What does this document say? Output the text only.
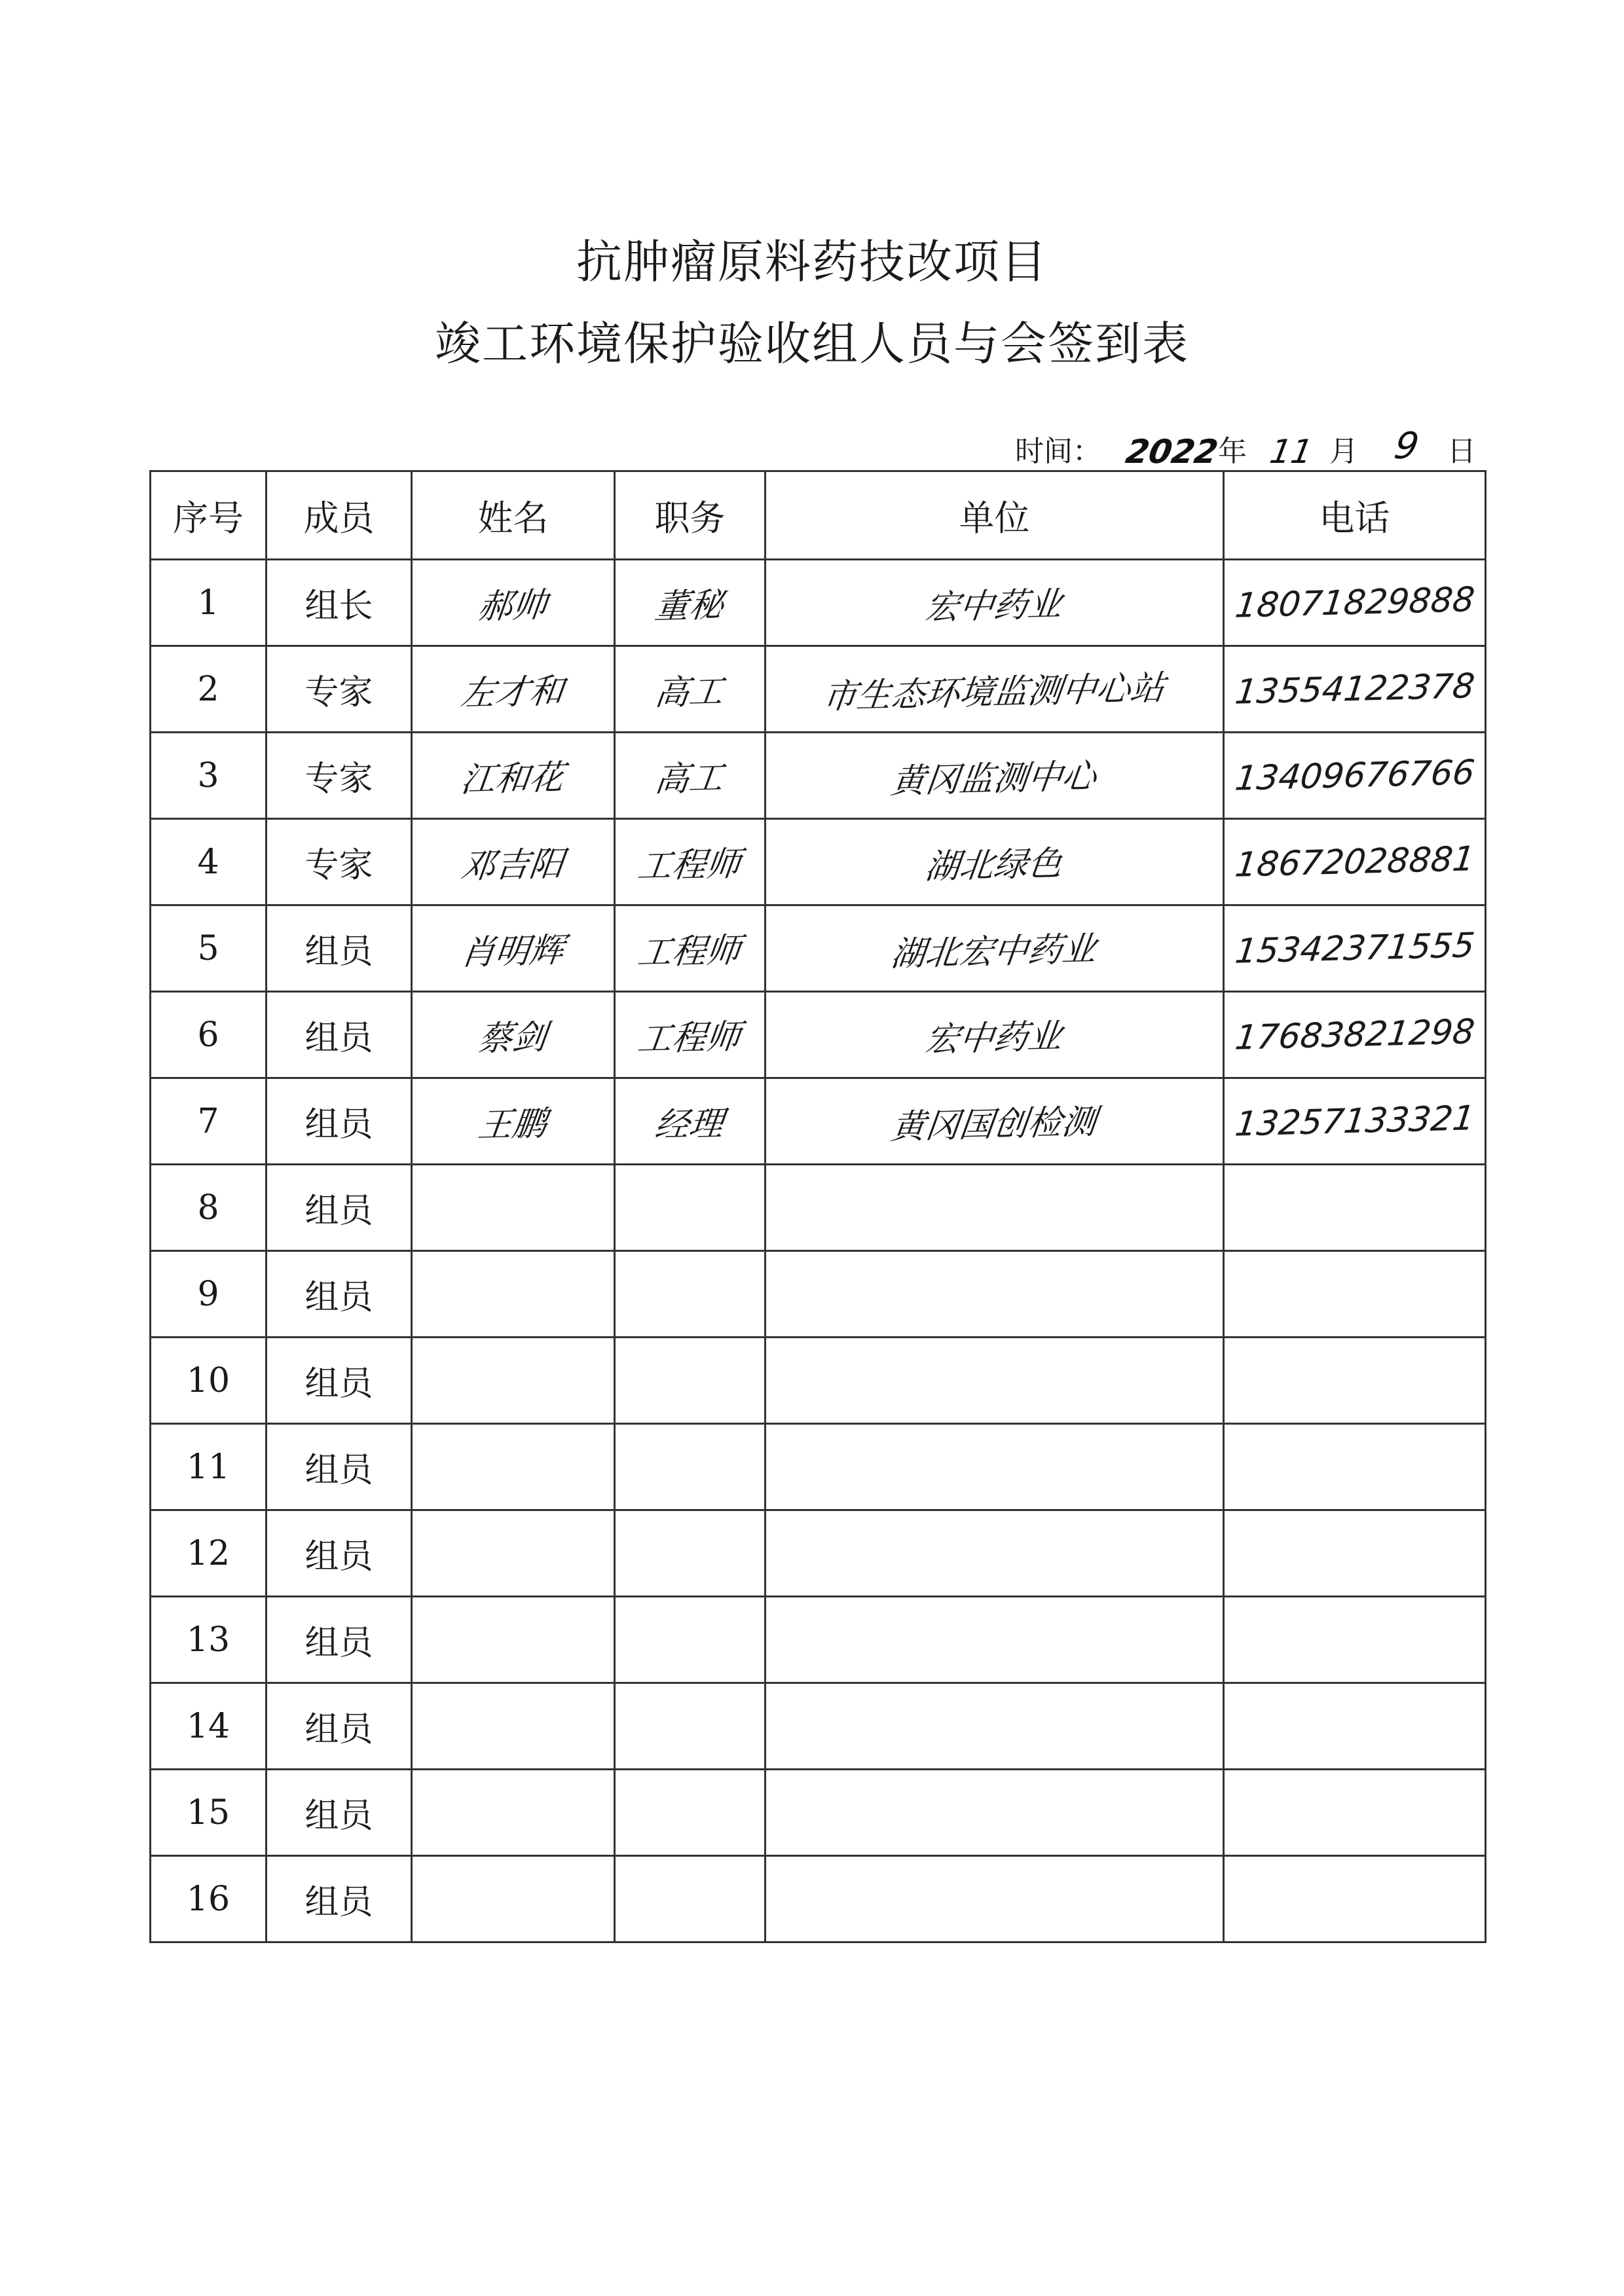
抗肿瘤原料药技改项目
竣工环境保护验收组人员与会签到表
时间： 2022
年 11 月 9 日
序号	成员	姓名	职务	单位	电话
1	组长	郝帅	董秘	宏中药业	18071829888
2	专家	左才和	高工	市生态环境监测中心站	13554122378
3	专家	江和花	高工	黄冈监测中心	13409676766
4	专家	邓吉阳	工程师	湖北绿色	18672028881
5	组员	肖明辉	工程师	湖北宏中药业	15342371555
6	组员	蔡剑	工程师	宏中药业	17683821298
7	组员	王鹏	经理	黄冈国创检测	13257133321
8	组员				
9	组员				
10	组员				
11	组员				
12	组员				
13	组员				
14	组员				
15	组员				
16	组员				
